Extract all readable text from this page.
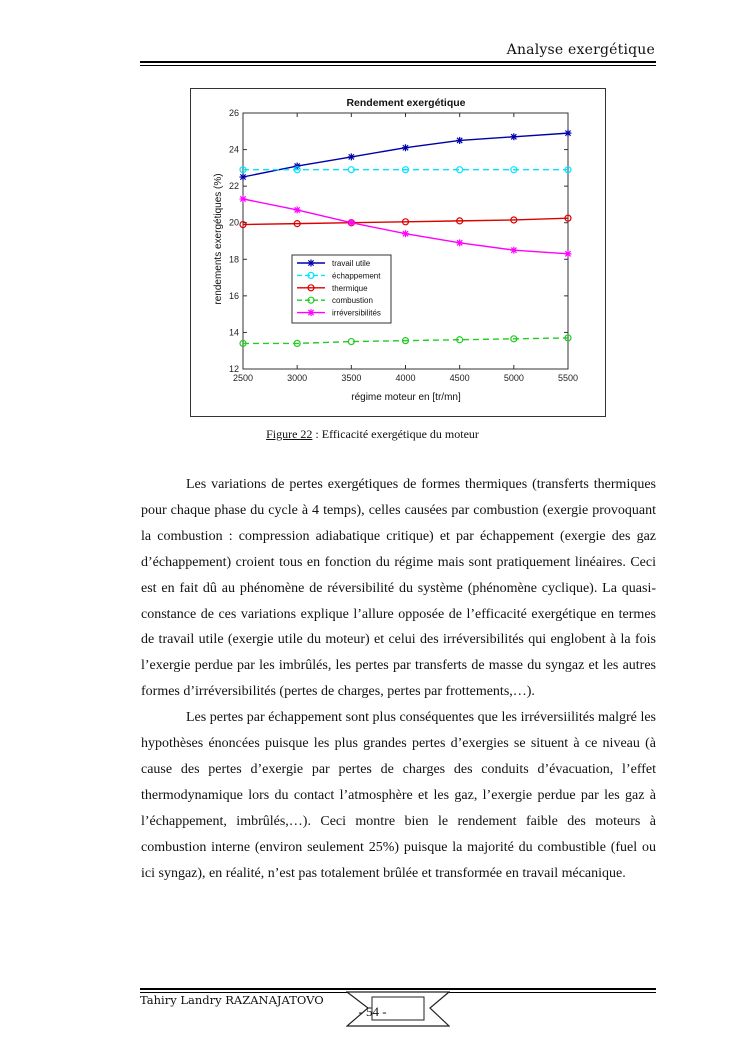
Analyse exergétique
Rendement exergétique
régime moteur en [tr/mn]
rendements exergétiques (%)
12
14
16
18
20
22
24
26
2500	3000	3500	4000	4500	5000	5500
travail utile
échappement
thermique
combustion
irréversibilités
Figure 22 : Efficacité exergétique du moteur

Les variations de pertes exergétiques de formes thermiques (transferts thermiques pour chaque phase du cycle à 4 temps), celles causées par combustion (exergie provoquant la combustion : compression adiabatique critique) et par échappement (exergie des gaz d’échappement) croient tous en fonction du régime mais sont pratiquement linéaires. Ceci est en fait dû au phénomène de réversibilité du système (phénomène cyclique). La quasi-constance de ces variations explique l’allure opposée de l’efficacité exergétique en termes de travail utile (exergie utile du moteur) et celui des irréversibilités qui englobent à la fois l’exergie perdue par les imbrûlés, les pertes par transferts de masse du syngaz et les autres formes d’irréversibilités (pertes de charges, pertes par frottements,…).

Les pertes par échappement sont plus conséquentes que les irréversiilités malgré les hypothèses énoncées puisque les plus grandes pertes d’exergies se situent à ce niveau (à cause des pertes d’exergie par pertes de charges des conduits d’évacuation, l’effet thermodynamique lors du contact l’atmosphère et les gaz, l’exergie perdue par les gaz à l’échappement, imbrûlés,…). Ceci montre bien le rendement faible des moteurs à combustion interne (environ seulement 25%) puisque la majorité du combustible (fuel ou ici syngaz), en réalité, n’est pas totalement brûlée et transformée en travail mécanique.

Tahiry Landry RAZANAJATOVO
- 54 -
